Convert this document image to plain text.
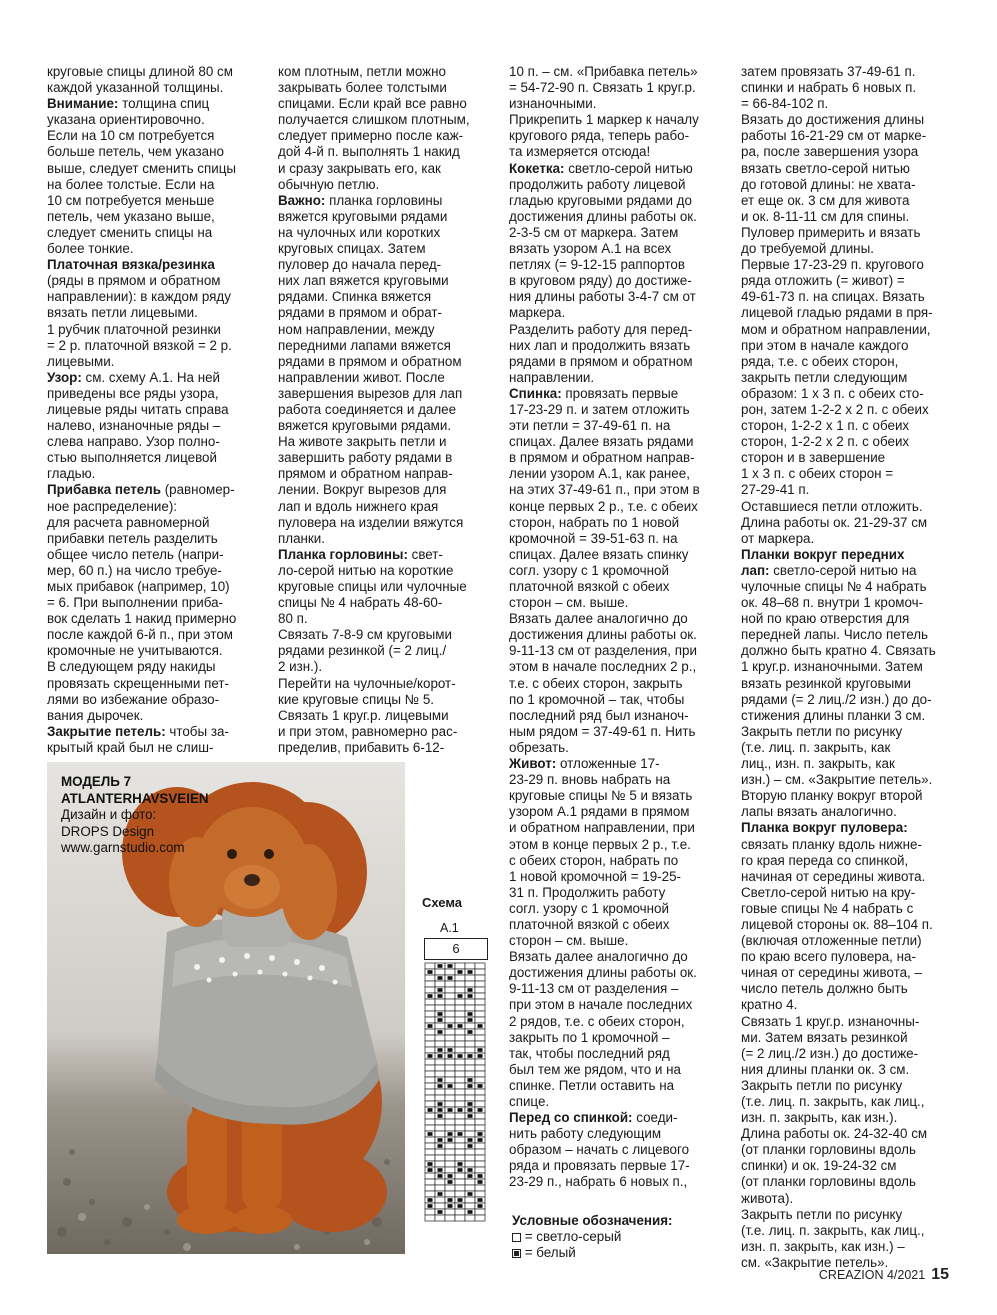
круговые спицы длиной 80 см

каждой указанной толщины.

Внимание: толщина спиц

указана ориентировочно.

Если на 10 см потребуется

больше петель, чем указано

выше, следует сменить спицы

на более толстые. Если на

10 см потребуется меньше

петель, чем указано выше,

следует сменить спицы на

более тонкие.

Платочная вязка/резинка

(ряды в прямом и обратном

направлении): в каждом ряду

вязать петли лицевыми.

1 рубчик платочной резинки

= 2 р. платочной вязкой = 2 р.

лицевыми.

Узор: см. схему А.1. На ней

приведены все ряды узора,

лицевые ряды читать справа

налево, изнаночные ряды –

слева направо. Узор полно-

стью выполняется лицевой

гладью.

Прибавка петель (равномер-

ное распределение):

для расчета равномерной

прибавки петель разделить

общее число петель (напри-

мер, 60 п.) на число требуе-

мых прибавок (например, 10)

= 6. При выполнении приба-

вок сделать 1 накид примерно

после каждой 6-й п., при этом

кромочные не учитываются.

В следующем ряду накиды

провязать скрещенными пет-

лями во избежание образо-

вания дырочек.

Закрытие петель: чтобы за-

крытый край был не слиш-

ком плотным, петли можно

закрывать более толстыми

спицами. Если край все равно

получается слишком плотным,

следует примерно после каж-

дой 4-й п. выполнять 1 накид

и сразу закрывать его, как

обычную петлю.

Важно: планка горловины

вяжется круговыми рядами

на чулочных или коротких

круговых спицах. Затем

пуловер до начала перед-

них лап вяжется круговыми

рядами. Спинка вяжется

рядами в прямом и обрат-

ном направлении, между

передними лапами вяжется

рядами в прямом и обратном

направлении живот. После

завершения вырезов для лап

работа соединяется и далее

вяжется круговыми рядами.

На животе закрыть петли и

завершить работу рядами в

прямом и обратном направ-

лении. Вокруг вырезов для

лап и вдоль нижнего края

пуловера на изделии вяжутся

планки.

Планка горловины: свет-

ло-серой нитью на короткие

круговые спицы или чулочные

спицы № 4 набрать 48-60-

80 п.

Связать 7-8-9 см круговыми

рядами резинкой (= 2 лиц./

2 изн.).

Перейти на чулочные/корот-

кие круговые спицы № 5.

Связать 1 круг.р. лицевыми

и при этом, равномерно рас-

пределив, прибавить 6-12-

10 п. – см. «Прибавка петель»

= 54-72-90 п. Связать 1 круг.р.

изнаночными.

Прикрепить 1 маркер к началу

кругового ряда, теперь рабо-

та измеряется отсюда!

Кокетка: светло-серой нитью

продолжить работу лицевой

гладью круговыми рядами до

достижения длины работы ок.

2-3-5 см от маркера. Затем

вязать узором А.1 на всех

петлях (= 9-12-15 раппортов

в круговом ряду) до достиже-

ния длины работы 3-4-7 см от

маркера.

Разделить работу для перед-

них лап и продолжить вязать

рядами в прямом и обратном

направлении.

Спинка: провязать первые

17-23-29 п. и затем отложить

эти петли = 37-49-61 п. на

спицах. Далее вязать рядами

в прямом и обратном направ-

лении узором А.1, как ранее,

на этих 37-49-61 п., при этом в

конце первых 2 р., т.е. с обеих

сторон, набрать по 1 новой

кромочной = 39-51-63 п. на

спицах. Далее вязать спинку

согл. узору с 1 кромочной

платочной вязкой с обеих

сторон – см. выше.

Вязать далее аналогично до

достижения длины работы ок.

9-11-13 см от разделения, при

этом в начале последних 2 р.,

т.е. с обеих сторон, закрыть

по 1 кромочной – так, чтобы

последний ряд был изнаноч-

ным рядом = 37-49-61 п. Нить

обрезать.

Живот: отложенные 17-

23-29 п. вновь набрать на

круговые спицы № 5 и вязать

узором А.1 рядами в прямом

и обратном направлении, при

этом в конце первых 2 р., т.е.

с обеих сторон, набрать по

1 новой кромочной = 19-25-

31 п. Продолжить работу

согл. узору с 1 кромочной

платочной вязкой с обеих

сторон – см. выше.

Вязать далее аналогично до

достижения длины работы ок.

9-11-13 см от разделения –

при этом в начале последних

2 рядов, т.е. с обеих сторон,

закрыть по 1 кромочной –

так, чтобы последний ряд

был тем же рядом, что и на

спинке. Петли оставить на

спице.

Перед со спинкой: соеди-

нить работу следующим

образом – начать с лицевого

ряда и провязать первые 17-

23-29 п., набрать 6 новых п.,

затем провязать 37-49-61 п.

спинки и набрать 6 новых п.

= 66-84-102 п.

Вязать до достижения длины

работы 16-21-29 см от марке-

ра, после завершения узора

вязать светло-серой нитью

до готовой длины: не хвата-

ет еще ок. 3 см для живота

и ок. 8-11-11 см для спины.

Пуловер примерить и вязать

до требуемой длины.

Первые 17-23-29 п. кругового

ряда отложить (= живот) =

49-61-73 п. на спицах. Вязать

лицевой гладью рядами в пря-

мом и обратном направлении,

при этом в начале каждого

ряда, т.е. с обеих сторон,

закрыть петли следующим

образом: 1 х 3 п. с обеих сто-

рон, затем 1-2-2 х 2 п. с обеих

сторон, 1-2-2 х 1 п. с обеих

сторон, 1-2-2 х 2 п. с обеих

сторон и в завершение

1 х 3 п. с обеих сторон =

27-29-41 п.

Оставшиеся петли отложить.

Длина работы ок. 21-29-37 см

от маркера.

Планки вокруг передних

лап: светло-серой нитью на

чулочные спицы № 4 набрать

ок. 48–68 п. внутри 1 кромоч-

ной по краю отверстия для

передней лапы. Число петель

должно быть кратно 4. Связать

1 круг.р. изнаночными. Затем

вязать резинкой круговыми

рядами (= 2 лиц./2 изн.) до до-

стижения длины планки 3 см.

Закрыть петли по рисунку

(т.е. лиц. п. закрыть, как

лиц., изн. п. закрыть, как

изн.) – см. «Закрытие петель».

Вторую планку вокруг второй

лапы вязать аналогично.

Планка вокруг пуловера:

связать планку вдоль нижне-

го края переда со спинкой,

начиная от середины живота.

Светло-серой нитью на кру-

говые спицы № 4 набрать с

лицевой стороны ок. 88–104 п.

(включая отложенные петли)

по краю всего пуловера, на-

чиная от середины живота, –

число петель должно быть

кратно 4.

Связать 1 круг.р. изнаночны-

ми. Затем вязать резинкой

(= 2 лиц./2 изн.) до достиже-

ния длины планки ок. 3 см.

Закрыть петли по рисунку

(т.е. лиц. п. закрыть, как лиц.,

изн. п. закрыть, как изн.).

Длина работы ок. 24-32-40 см

(от планки горловины вдоль

спинки) и ок. 19-24-32 см

(от планки горловины вдоль

живота).

Закрыть петли по рисунку

(т.е. лиц. п. закрыть, как лиц.,

изн. п. закрыть, как изн.) –

см. «Закрытие петель».

МОДЕЛЬ 7
ATLANTERHAVSVEIEN
Дизайн и фото:
DROPS Design
www.garnstudio.com
Схема
А.1
6
Условные обозначения:
= светло-серый
= белый
CREAZION 4/2021 15
